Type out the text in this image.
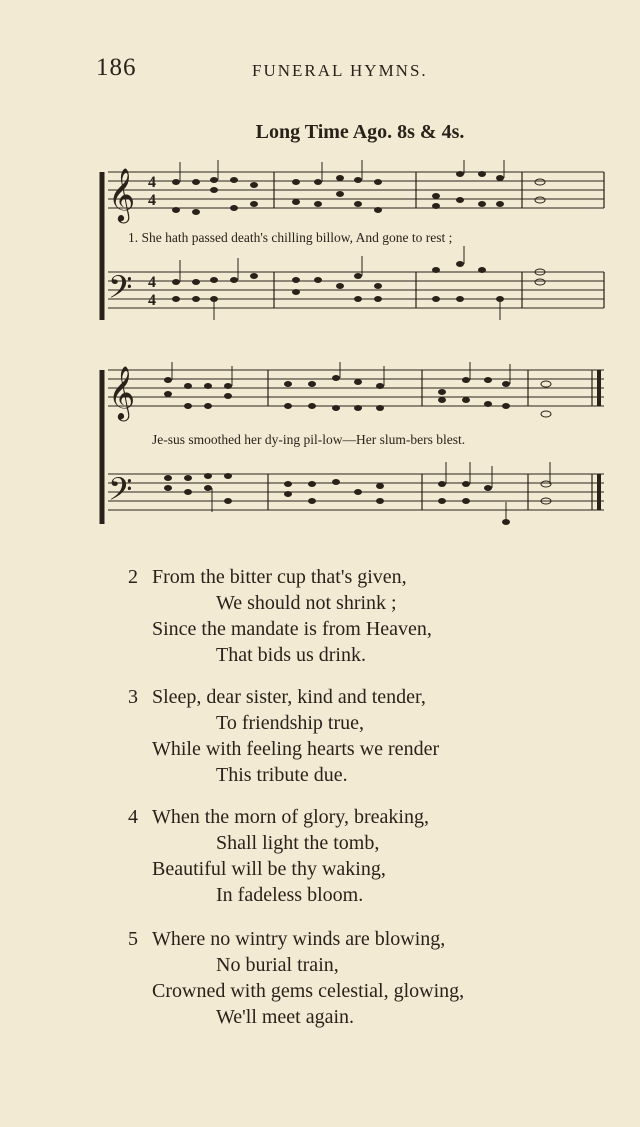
186	FUNERAL HYMNS.
Long Time Ago. 8s & 4s.
𝄞
𝄢
4
4
4
4
1. She hath passed death's chilling billow, And gone to rest ;
𝄞
𝄢
Je-sus smoothed her dy-ing pil-low—Her slum-bers blest.
2 From the bitter cup that's given,
We should not shrink ;
Since the mandate is from Heaven,
That bids us drink.
3 Sleep, dear sister, kind and tender,
To friendship true,
While with feeling hearts we render
This tribute due.
4 When the morn of glory, breaking,
Shall light the tomb,
Beautiful will be thy waking,
In fadeless bloom.
5 Where no wintry winds are blowing,
No burial train,
Crowned with gems celestial, glowing,
We'll meet again.
